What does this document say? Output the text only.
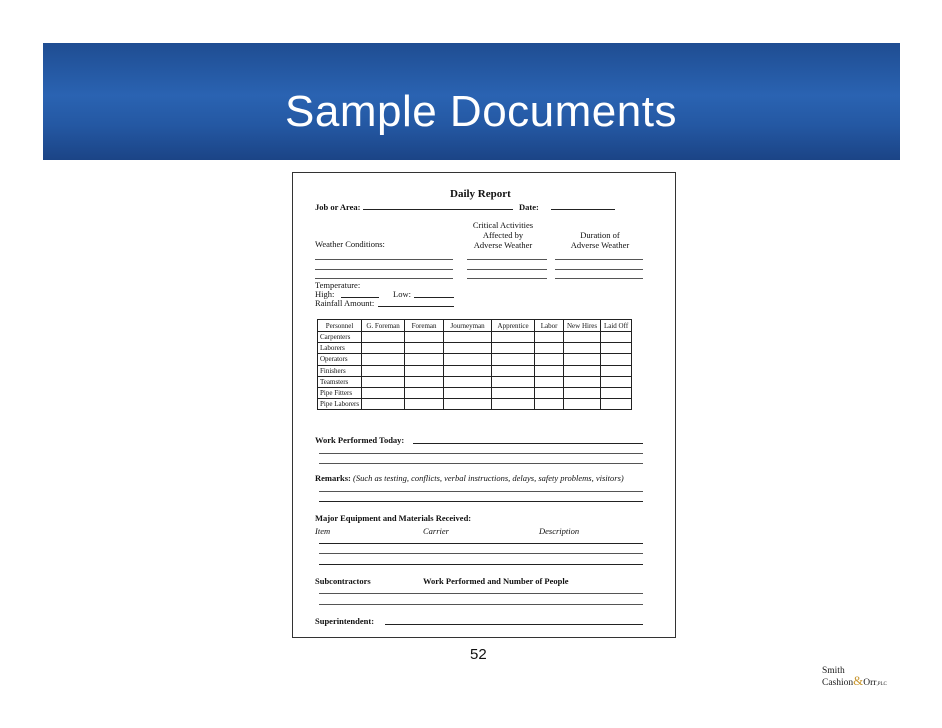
Sample Documents
Daily Report
Job or Area:	Date:
Critical Activities
Affected by
Adverse Weather
Duration of
Adverse Weather
Weather Conditions:
Temperature:
High:	Low:
Rainfall Amount:
Personnel	G. Foreman	Foreman	Journeyman	Apprentice	Labor	New Hires	Laid Off
Carpenters							
Laborers							
Operators							
Finishers							
Teamsters							
Pipe Fitters							
Pipe Laborers							
Work Performed Today:
Remarks: (Such as testing, conflicts, verbal instructions, delays, safety problems, visitors)
Major Equipment and Materials Received:
Item	Carrier	Description
Subcontractors	Work Performed and Number of People
Superintendent:
52
Smith
Cashion&Orr,PLC
